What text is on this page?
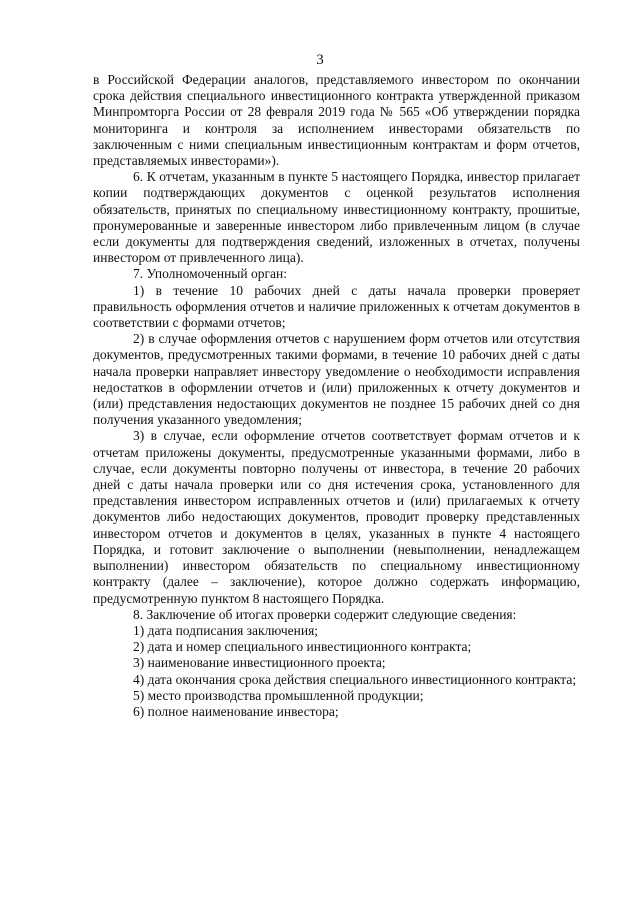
3

в Российской Федерации аналогов, представляемого инвестором по окончании срока действия специального инвестиционного контракта утвержденной приказом Минпромторга России от 28 февраля 2019 года № 565 «Об утверждении порядка мониторинга и контроля за исполнением инвесторами обязательств по заключенным с ними специальным инвестиционным контрактам и форм отчетов, представляемых инвесторами»).

6. К отчетам, указанным в пункте 5 настоящего Порядка, инвестор прилагает копии подтверждающих документов с оценкой результатов исполнения обязательств, принятых по специальному инвестиционному контракту, прошитые, пронумерованные и заверенные инвестором либо привлеченным лицом (в случае если документы для подтверждения сведений, изложенных в отчетах, получены инвестором от привлеченного лица).

7. Уполномоченный орган:

1) в течение 10 рабочих дней с даты начала проверки проверяет правильность оформления отчетов и наличие приложенных к отчетам документов в соответствии с формами отчетов;

2) в случае оформления отчетов с нарушением форм отчетов или отсутствия документов, предусмотренных такими формами, в течение 10 рабочих дней с даты начала проверки направляет инвестору уведомление о необходимости исправления недостатков в оформлении отчетов и (или) приложенных к отчету документов и (или) представления недостающих документов не позднее 15 рабочих дней со дня получения указанного уведомления;

3) в случае, если оформление отчетов соответствует формам отчетов и к отчетам приложены документы, предусмотренные указанными формами, либо в случае, если документы повторно получены от инвестора, в течение 20 рабочих дней с даты начала проверки или со дня истечения срока, установленного для представления инвестором исправленных отчетов и (или) прилагаемых к отчету документов либо недостающих документов, проводит проверку представленных инвестором отчетов и документов в целях, указанных в пункте 4 настоящего Порядка, и готовит заключение о выполнении (невыполнении, ненадлежащем выполнении) инвестором обязательств по специальному инвестиционному контракту (далее – заключение), которое должно содержать информацию, предусмотренную пунктом 8 настоящего Порядка.

8. Заключение об итогах проверки содержит следующие сведения:

1) дата подписания заключения;

2) дата и номер специального инвестиционного контракта;

3) наименование инвестиционного проекта;

4) дата окончания срока действия специального инвестиционного контракта;

5) место производства промышленной продукции;

6) полное наименование инвестора;
